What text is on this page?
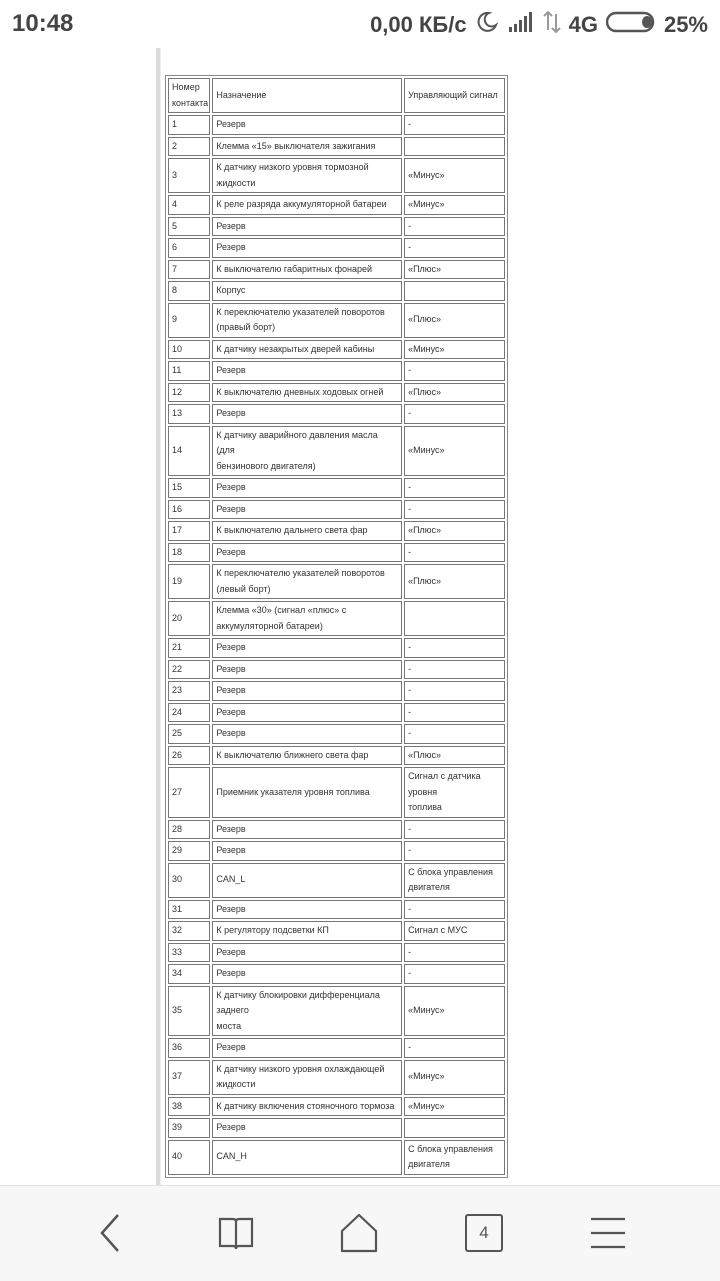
10:48	0,00 КБ/с	4G	25%
Номер контакта	Назначение	Управляющий сигнал
1	Резерв	-
2	Клемма «15» выключателя зажигания	
3	К датчику низкого уровня тормозной жидкости	«Минус»
4	К реле разряда аккумуляторной батареи	«Минус»
5	Резерв	-
6	Резерв	-
7	К выключателю габаритных фонарей	«Плюс»
8	Корпус	
9	К переключателю указателей поворотов (правый борт)	«Плюс»
10	К датчику незакрытых дверей кабины	«Минус»
11	Резерв	-
12	К выключателю дневных ходовых огней	«Плюс»
13	Резерв	-
14	К датчику аварийного давления масла (для
бензинового двигателя)	«Минус»
15	Резерв	-
16	Резерв	-
17	К выключателю дальнего света фар	«Плюс»
18	Резерв	-
19	К переключателю указателей поворотов (левый борт)	«Плюс»
20	Клемма «30» (сигнал «плюс» с аккумуляторной батареи)	
21	Резерв	-
22	Резерв	-
23	Резерв	-
24	Резерв	-
25	Резерв	-
26	К выключателю ближнего света фар	«Плюс»
27	Приемник указателя уровня топлива	Сигнал с датчика уровня
топлива
28	Резерв	-
29	Резерв	-
30	CAN_L	С блока управления двигателя
31	Резерв	-
32	К регулятору подсветки КП	Сигнал с МУС
33	Резерв	-
34	Резерв	-
35	К датчику блокировки дифференциала заднего
моста	«Минус»
36	Резерв	-
37	К датчику низкого уровня охлаждающей жидкости	«Минус»
38	К датчику включения стояночного тормоза	«Минус»
39	Резерв	
40	CAN_H	С блока управления двигателя
4
